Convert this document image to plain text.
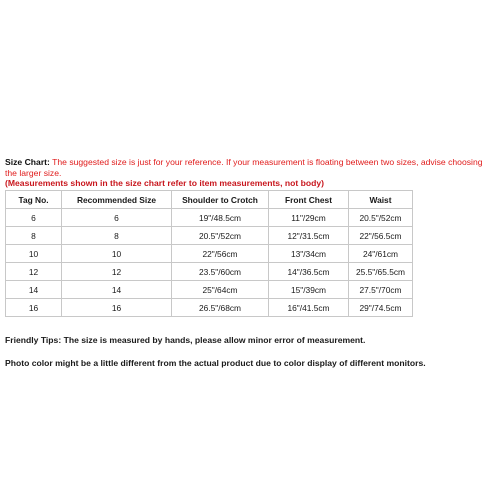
Size Chart: The suggested size is just for your reference. If your measurement is floating between two sizes, advise choosing the larger size.

(Measurements shown in the size chart refer to item measurements, not body)

Tag No.	Recommended Size	Shoulder to Crotch	Front Chest	Waist
6	6	19"/48.5cm	11"/29cm	20.5"/52cm
8	8	20.5"/52cm	12"/31.5cm	22"/56.5cm
10	10	22"/56cm	13"/34cm	24"/61cm
12	12	23.5"/60cm	14"/36.5cm	25.5"/65.5cm
14	14	25"/64cm	15"/39cm	27.5"/70cm
16	16	26.5"/68cm	16"/41.5cm	29"/74.5cm

Friendly Tips: The size is measured by hands, please allow minor error of measurement.

Photo color might be a little different from the actual product due to color display of different monitors.
